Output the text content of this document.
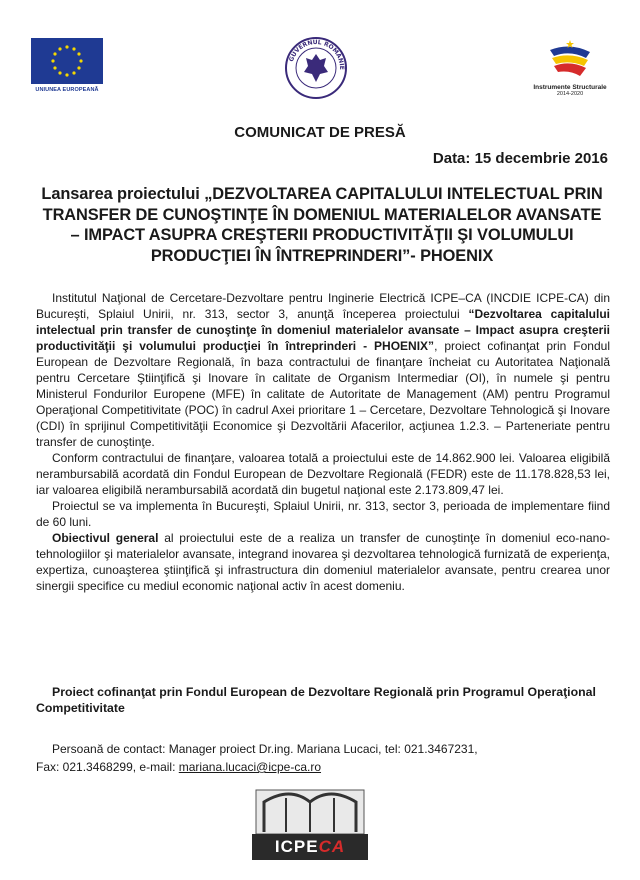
UNIUNEA EUROPEANĂ
GUVERNUL ROMÂNIE
Instrumente Structurale
2014-2020
COMUNICAT DE PRESĂ
Data: 15 decembrie 2016
Lansarea proiectului „DEZVOLTAREA CAPITALULUI INTELECTUAL PRIN TRANSFER DE CUNOŞTINŢE ÎN DOMENIUL MATERIALELOR AVANSATE – IMPACT ASUPRA CREŞTERII PRODUCTIVITĂŢII ŞI VOLUMULUI PRODUCŢIEI ÎN ÎNTREPRINDERI”- PHOENIX

Institutul Naţional de Cercetare-Dezvoltare pentru Inginerie Electrică ICPE–CA (INCDIE ICPE-CA) din Bucureşti, Splaiul Unirii, nr. 313, sector 3, anunţă începerea proiectului “Dezvoltarea capitalului intelectual prin transfer de cunoştinţe în domeniul materialelor avansate – Impact asupra creşterii productivităţii şi volumului producţiei în întreprinderi - PHOENIX”, proiect cofinanţat prin Fondul European de Dezvoltare Regională, în baza contractului de finanţare încheiat cu Autoritatea Naţională pentru Cercetare Ştiinţifică şi Inovare în calitate de Organism Intermediar (OI), în numele şi pentru Ministerul Fondurilor Europene (MFE) în calitate de Autoritate de Management (AM) pentru Programul Operaţional Competitivitate (POC) în cadrul Axei prioritare 1 – Cercetare, Dezvoltare Tehnologică şi Inovare (CDI) în sprijinul Competitivităţii Economice şi Dezvoltării Afacerilor, acţiunea 1.2.3. – Parteneriate pentru transfer de cunoştinţe.

Conform contractului de finanţare, valoarea totală a proiectului este de 14.862.900 lei. Valoarea eligibilă nerambursabilă acordată din Fondul European de Dezvoltare Regională (FEDR) este de 11.178.828,53 lei, iar valoarea eligibilă nerambursabilă acordată din bugetul naţional este 2.173.809,47 lei.

Proiectul se va implementa în Bucureşti, Splaiul Unirii, nr. 313, sector 3, perioada de implementare fiind de 60 luni.

Obiectivul general al proiectului este de a realiza un transfer de cunoştinţe în domeniul eco-nano-tehnologiilor şi materialelor avansate, integrand inovarea şi dezvoltarea tehnologică furnizată de experienţa, expertiza, cunoaşterea ştiinţifică şi infrastructura din domeniul materialelor avansate, pentru crearea unor sinergii specifice cu mediul economic naţional activ în acest domeniu.

Proiect cofinanţat prin Fondul European de Dezvoltare Regională prin Programul Operaţional Competitivitate
Persoană de contact: Manager proiect Dr.ing. Mariana Lucaci, tel: 021.3467231,
Fax: 021.3468299, e-mail: mariana.lucaci@icpe-ca.ro
ICPE CA
